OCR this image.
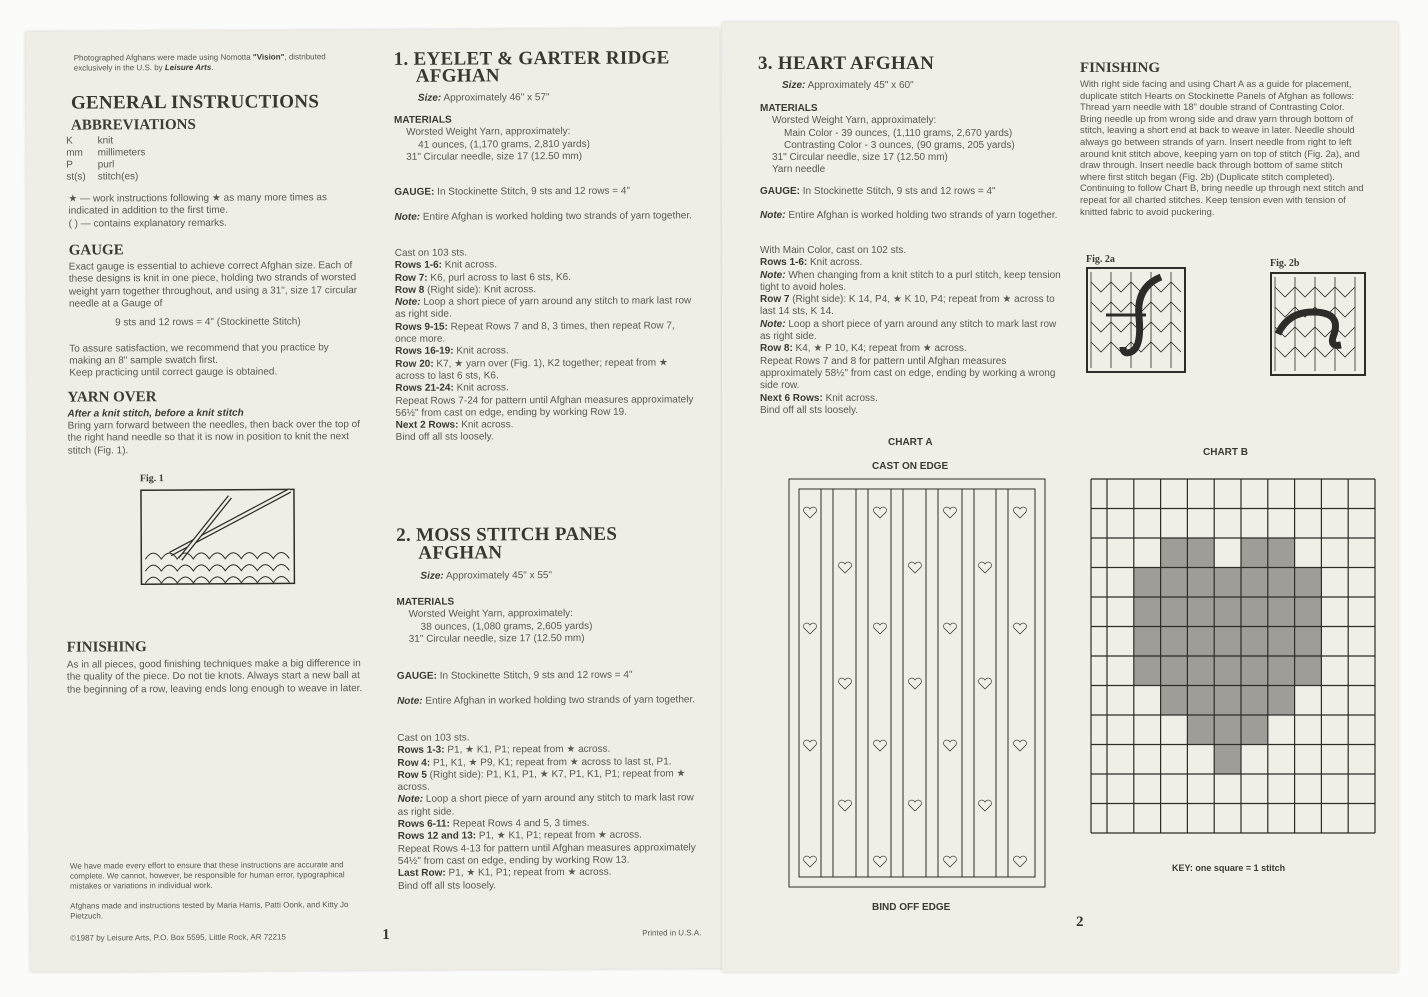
Photographed Afghans were made using Nomotta "Vision", distributed exclusively in the U.S. by Leisure Arts.
GENERAL INSTRUCTIONS
ABBREVIATIONS
K	knit
mm	millimeters
P	purl
st(s)	stitch(es)
★ — work instructions following ★ as many more times as indicated in addition to the first time.
( ) — contains explanatory remarks.
GAUGE
Exact gauge is essential to achieve correct Afghan size. Each of these designs is knit in one piece, holding two strands of worsted weight yarn together throughout, and using a 31", size 17 circular needle at a Gauge of
9 sts and 12 rows = 4" (Stockinette Stitch)
To assure satisfaction, we recommend that you practice by making an 8" sample swatch first.
Keep practicing until correct gauge is obtained.
YARN OVER
After a knit stitch, before a knit stitch
Bring yarn forward between the needles, then back over the top of the right hand needle so that it is now in position to knit the next stitch (Fig. 1).
Fig. 1
FINISHING
As in all pieces, good finishing techniques make a big difference in the quality of the piece. Do not tie knots. Always start a new ball at the beginning of a row, leaving ends long enough to weave in later.
We have made every effort to ensure that these instructions are accurate and complete. We cannot, however, be responsible for human error, typographical mistakes or variations in individual work.
Afghans made and instructions tested by Maria Harris, Patti Oonk, and Kitty Jo Pietzuch.
©1987 by Leisure Arts, P.O. Box 5595, Little Rock, AR 72215	1	Printed in U.S.A.
1. EYELET & GARTER RIDGE
AFGHAN
Size: Approximately 46" x 57"
MATERIALS
Worsted Weight Yarn, approximately:
41 ounces, (1,170 grams, 2,810 yards)
31" Circular needle, size 17 (12.50 mm)
GAUGE: In Stockinette Stitch, 9 sts and 12 rows = 4"
Note: Entire Afghan is worked holding two strands of yarn together.
Cast on 103 sts.
Rows 1-6: Knit across.
Row 7: K6, purl across to last 6 sts, K6.
Row 8 (Right side): Knit across.
Note: Loop a short piece of yarn around any stitch to mark last row as right side.
Rows 9-15: Repeat Rows 7 and 8, 3 times, then repeat Row 7, once more.
Rows 16-19: Knit across.
Row 20: K7, ★ yarn over (Fig. 1), K2 together; repeat from ★ across to last 6 sts, K6.
Rows 21-24: Knit across.
Repeat Rows 7-24 for pattern until Afghan measures approximately 56½" from cast on edge, ending by working Row 19.
Next 2 Rows: Knit across.
Bind off all sts loosely.
2. MOSS STITCH PANES
AFGHAN
Size: Approximately 45" x 55"
MATERIALS
Worsted Weight Yarn, approximately:
38 ounces, (1,080 grams, 2,605 yards)
31" Circular needle, size 17 (12.50 mm)
GAUGE: In Stockinette Stitch, 9 sts and 12 rows = 4"
Note: Entire Afghan in worked holding two strands of yarn together.
Cast on 103 sts.
Rows 1-3: P1, ★ K1, P1; repeat from ★ across.
Row 4: P1, K1, ★ P9, K1; repeat from ★ across to last st, P1.
Row 5 (Right side): P1, K1, P1, ★ K7, P1, K1, P1; repeat from ★ across.
Note: Loop a short piece of yarn around any stitch to mark last row as right side.
Rows 6-11: Repeat Rows 4 and 5, 3 times.
Rows 12 and 13: P1, ★ K1, P1; repeat from ★ across.
Repeat Rows 4-13 for pattern until Afghan measures approximately 54½" from cast on edge, ending by working Row 13.
Last Row: P1, ★ K1, P1; repeat from ★ across.
Bind off all sts loosely.
3. HEART AFGHAN
Size: Approximately 45" x 60"
MATERIALS
Worsted Weight Yarn, approximately:
Main Color - 39 ounces, (1,110 grams, 2,670 yards)
Contrasting Color - 3 ounces, (90 grams, 205 yards)
31" Circular needle, size 17 (12.50 mm)
Yarn needle
GAUGE: In Stockinette Stitch, 9 sts and 12 rows = 4"
Note: Entire Afghan is worked holding two strands of yarn together.
With Main Color, cast on 102 sts.
Rows 1-6: Knit across.
Note: When changing from a knit stitch to a purl stitch, keep tension tight to avoid holes.
Row 7 (Right side): K 14, P4, ★ K 10, P4; repeat from ★ across to last 14 sts, K 14.
Note: Loop a short piece of yarn around any stitch to mark last row as right side.
Row 8: K4, ★ P 10, K4; repeat from ★ across.
Repeat Rows 7 and 8 for pattern until Afghan measures approximately 58½" from cast on edge, ending by working a wrong side row.
Next 6 Rows: Knit across.
Bind off all sts loosely.
FINISHING
With right side facing and using Chart A as a guide for placement, duplicate stitch Hearts on Stockinette Panels of Afghan as follows: Thread yarn needle with 18" double strand of Contrasting Color. Bring needle up from wrong side and draw yarn through bottom of stitch, leaving a short end at back to weave in later. Needle should always go between strands of yarn. Insert needle from right to left around knit stitch above, keeping yarn on top of stitch (Fig. 2a), and draw through. Insert needle back through bottom of same stitch where first stitch began (Fig. 2b) (Duplicate stitch completed). Continuing to follow Chart B, bring needle up through next stitch and repeat for all charted stitches. Keep tension even with tension of knitted fabric to avoid puckering.
Fig. 2a	Fig. 2b
CHART A
CAST ON EDGE
BIND OFF EDGE
CHART B
KEY: one square = 1 stitch
2
